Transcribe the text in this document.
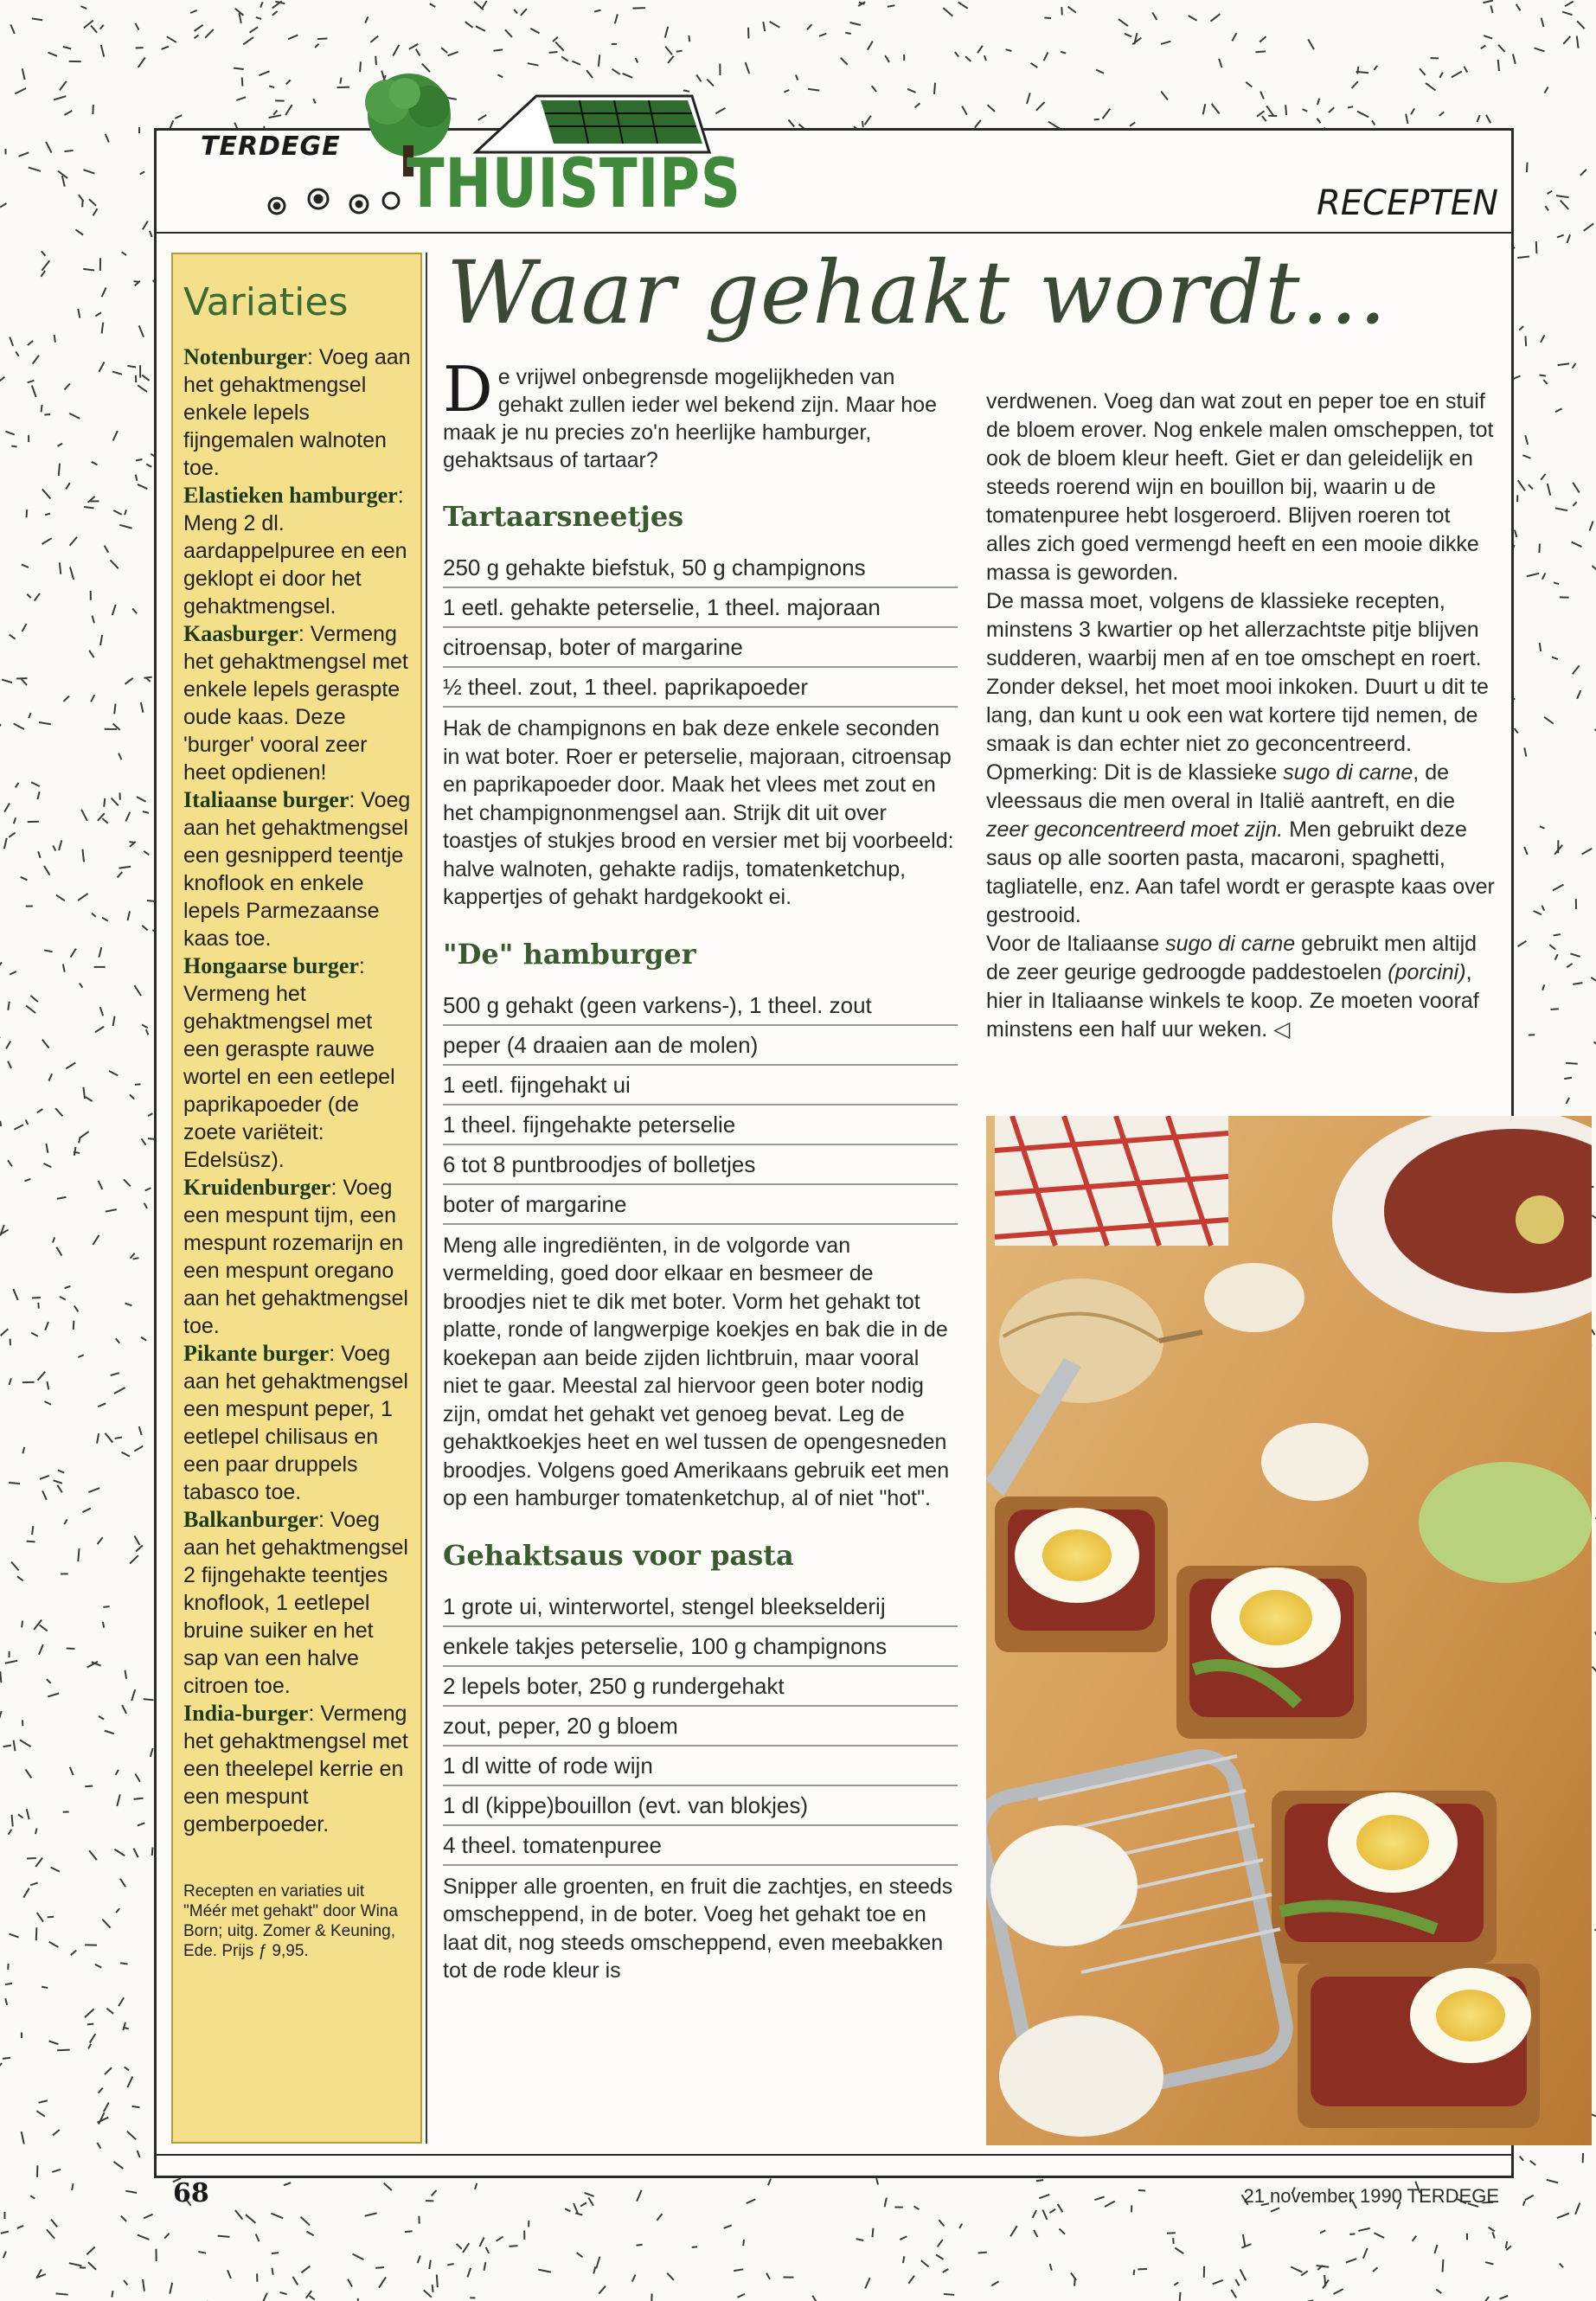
TERDEGE THUISTIPS	RECEPTEN
Variaties
Notenburger: Voeg aan het gehaktmengsel enkele lepels fijngemalen walnoten toe.
Elastieken hamburger: Meng 2 dl. aardappelpuree en een geklopt ei door het gehaktmengsel.
Kaasburger: Vermeng het gehaktmengsel met enkele lepels geraspte oude kaas. Deze 'burger' vooral zeer heet opdienen!
Italiaanse burger: Voeg aan het gehaktmengsel een gesnipperd teentje knoflook en enkele lepels Parmezaanse kaas toe.
Hongaarse burger: Vermeng het gehaktmengsel met een geraspte rauwe wortel en een eetlepel paprikapoeder (de zoete variëteit: Edelsüsz).
Kruidenburger: Voeg een mespunt tijm, een mespunt rozemarijn en een mespunt oregano aan het gehaktmengsel toe.
Pikante burger: Voeg aan het gehaktmengsel een mespunt peper, 1 eetlepel chilisaus en een paar druppels tabasco toe.
Balkanburger: Voeg aan het gehaktmengsel 2 fijngehakte teentjes knoflook, 1 eetlepel bruine suiker en het sap van een halve citroen toe.
India-burger: Vermeng het gehaktmengsel met een theelepel kerrie en een mespunt gemberpoeder.
Recepten en variaties uit "Méér met gehakt" door Wina Born; uitg. Zomer & Keuning, Ede. Prijs ƒ 9,95.
Waar gehakt wordt…
De vrijwel onbegrensde mogelijkheden van gehakt zullen ieder wel bekend zijn. Maar hoe maak je nu precies zo'n heerlijke hamburger, gehaktsaus of tartaar?
Tartaarsneetjes
250 g gehakte biefstuk, 50 g champignons
1 eetl. gehakte peterselie, 1 theel. majoraan
citroensap, boter of margarine
½ theel. zout, 1 theel. paprikapoeder
Hak de champignons en bak deze enkele seconden in wat boter. Roer er peterselie, majoraan, citroensap en paprikapoeder door. Maak het vlees met zout en het champignonmengsel aan. Strijk dit uit over toastjes of stukjes brood en versier met bij voorbeeld: halve walnoten, gehakte radijs, tomatenketchup, kappertjes of gehakt hardgekookt ei.
"De" hamburger
500 g gehakt (geen varkens-), 1 theel. zout
peper (4 draaien aan de molen)
1 eetl. fijngehakt ui
1 theel. fijngehakte peterselie
6 tot 8 puntbroodjes of bolletjes
boter of margarine
Meng alle ingrediënten, in de volgorde van vermelding, goed door elkaar en besmeer de broodjes niet te dik met boter. Vorm het gehakt tot platte, ronde of langwerpige koekjes en bak die in de koekepan aan beide zijden lichtbruin, maar vooral niet te gaar. Meestal zal hiervoor geen boter nodig zijn, omdat het gehakt vet genoeg bevat. Leg de gehaktkoekjes heet en wel tussen de opengesneden broodjes. Volgens goed Amerikaans gebruik eet men op een hamburger tomatenketchup, al of niet "hot".
Gehaktsaus voor pasta
1 grote ui, winterwortel, stengel bleekselderij
enkele takjes peterselie, 100 g champignons
2 lepels boter, 250 g rundergehakt
zout, peper, 20 g bloem
1 dl witte of rode wijn
1 dl (kippe)bouillon (evt. van blokjes)
4 theel. tomatenpuree
Snipper alle groenten, en fruit die zachtjes, en steeds omscheppend, in de boter. Voeg het gehakt toe en laat dit, nog steeds omscheppend, even meebakken tot de rode kleur is

verdwenen. Voeg dan wat zout en peper toe en stuif de bloem erover. Nog enkele malen omscheppen, tot ook de bloem kleur heeft. Giet er dan geleidelijk en steeds roerend wijn en bouillon bij, waarin u de tomatenpuree hebt losgeroerd. Blijven roeren tot alles zich goed vermengd heeft en een mooie dikke massa is geworden.

De massa moet, volgens de klassieke recepten, minstens 3 kwartier op het allerzachtste pitje blijven sudderen, waarbij men af en toe omschept en roert. Zonder deksel, het moet mooi inkoken. Duurt u dit te lang, dan kunt u ook een wat kortere tijd nemen, de smaak is dan echter niet zo geconcentreerd.

Opmerking: Dit is de klassieke sugo di carne, de vleessaus die men overal in Italië aantreft, en die zeer geconcentreerd moet zijn. Men gebruikt deze saus op alle soorten pasta, macaroni, spaghetti, tagliatelle, enz. Aan tafel wordt er geraspte kaas over gestrooid.

Voor de Italiaanse sugo di carne gebruikt men altijd de zeer geurige gedroogde paddestoelen (porcini), hier in Italiaanse winkels te koop. Ze moeten vooraf minstens een half uur weken. ◁

68	21 november 1990 TERDEGE
